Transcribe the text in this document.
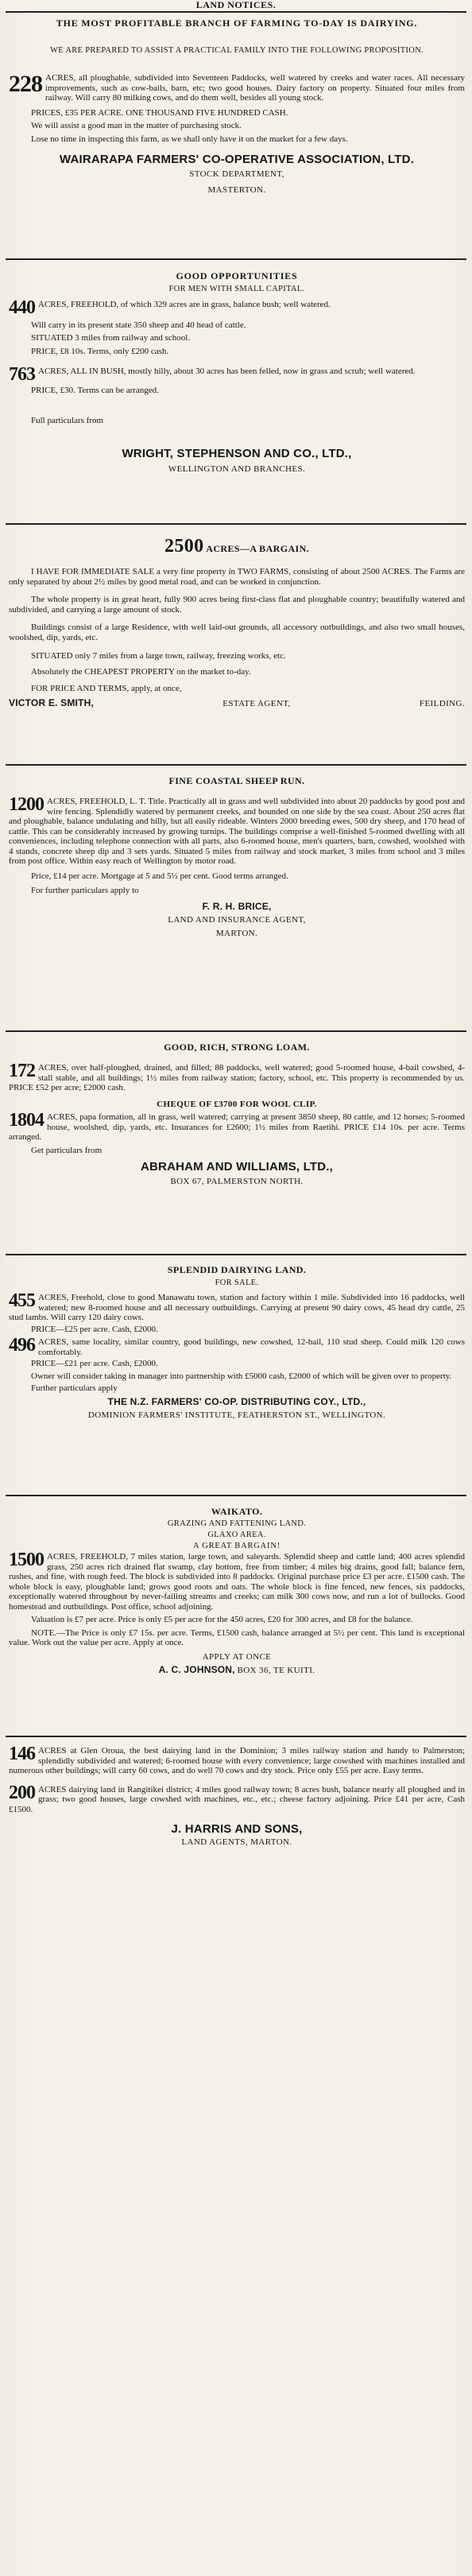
LAND NOTICES.
THE MOST PROFITABLE BRANCH OF FARMING TO-DAY IS DAIRYING.
WE ARE PREPARED TO ASSIST A PRACTICAL FAMILY INTO THE FOLLOWING PROPOSITION.
228 ACRES, all ploughable, subdivided into Seventeen Paddocks, well watered by creeks and water races. All necessary improvements, such as cow-bails, barn, etc; two good houses. Dairy factory on property. Situated four miles from railway. Will carry 80 milking cows, and do them well, besides all young stock.

PRICES, £35 PER ACRE. ONE THOUSAND FIVE HUNDRED CASH.

We will assist a good man in the matter of purchasing stock.

Lose no time in inspecting this farm, as we shall only have it on the market for a few days.

WAIRARAPA FARMERS' CO-OPERATIVE ASSOCIATION, LTD.

STOCK DEPARTMENT,
MASTERTON.
GOOD OPPORTUNITIES
FOR MEN WITH SMALL CAPITAL.
440 ACRES, FREEHOLD, of which 329 acres are in grass, balance bush; well watered.

Will carry in its present state 350 sheep and 40 head of cattle.

SITUATED 3 miles from railway and school.

PRICE, £8 10s. Terms, only £200 cash.

763 ACRES, ALL IN BUSH, mostly hilly, about 30 acres has been felled, now in grass and scrub; well watered.

PRICE, £30. Terms can be arranged.

Full particulars from

WRIGHT, STEPHENSON AND CO., LTD.,

WELLINGTON AND BRANCHES.
2500 ACRES—A BARGAIN.

I HAVE FOR IMMEDIATE SALE a very fine property in TWO FARMS, consisting of about 2500 ACRES. The Farms are only separated by about 2½ miles by good metal road, and can be worked in conjunction.

The whole property is in great heart, fully 900 acres being first-class flat and ploughable country; beautifully watered and subdivided, and carrying a large amount of stock.

Buildings consist of a large Residence, with well laid-out grounds, all accessory outbuildings, and also two small houses, woolshed, dip, yards, etc.

SITUATED only 7 miles from a large town, railway, freezing works, etc.

Absolutely the CHEAPEST PROPERTY on the market to-day.

FOR PRICE AND TERMS, apply, at once,

VICTOR E. SMITH,	ESTATE AGENT,	FEILDING.
FINE COASTAL SHEEP RUN.
1200 ACRES, FREEHOLD, L. T. Title. Practically all in grass and well subdivided into about 20 paddocks by good post and wire fencing. Splendidly watered by permanent creeks, and bounded on one side by the sea coast. About 250 acres flat and ploughable, balance undulating and hilly, but all easily rideable. Winters 2000 breeding ewes, 500 dry sheep, and 170 head of cattle. This can be considerably increased by growing turnips. The buildings comprise a well-finished 5-roomed dwelling with all conveniences, including telephone connection with all parts, also 6-roomed house, men's quarters, barn, cowshed, woolshed with 4 stands, concrete sheep dip and 3 sets yards. Situated 5 miles from railway and stock market, 3 miles from school and 3 miles from post office. Within easy reach of Wellington by motor road.

Price, £14 per acre. Mortgage at 5 and 5½ per cent. Good terms arranged.

For further particulars apply to

F. R. H. BRICE,

LAND AND INSURANCE AGENT,
MARTON.
GOOD, RICH, STRONG LOAM.
172 ACRES, over half-ploughed, drained, and filled; 88 paddocks, well watered; good 5-roomed house, 4-bail cowshed, 4-stall stable, and all buildings; 1½ miles from railway station; factory, school, etc. This property is recommended by us. PRICE £52 per acre; £2000 cash.

CHEQUE OF £3700 FOR WOOL CLIP.
1804 ACRES, papa formation, all in grass, well watered; carrying at present 3850 sheep, 80 cattle, and 12 horses; 5-roomed house, woolshed, dip, yards, etc. Insurances for £2600; 1½ miles from Raetihi. PRICE £14 10s. per acre. Terms arranged.

Get particulars from

ABRAHAM AND WILLIAMS, LTD.,

BOX 67, PALMERSTON NORTH.
SPLENDID DAIRYING LAND.
FOR SALE.
455 ACRES, Freehold, close to good Manawatu town, station and factory within 1 mile. Subdivided into 16 paddocks, well watered; new 8-roomed house and all necessary outbuildings. Carrying at present 90 dairy cows, 45 head dry cattle, 25 stud lambs. Will carry 120 dairy cows.

PRICE—£25 per acre. Cash, £2000.

496 ACRES, same locality, similar country, good buildings, new cowshed, 12-bail, 110 stud sheep. Could milk 120 cows comfortably.

PRICE—£21 per acre. Cash, £2000.

Owner will consider taking in manager into partnership with £5000 cash, £2000 of which will be given over to property.

Further particulars apply

THE N.Z. FARMERS' CO-OP. DISTRIBUTING COY., LTD.,

DOMINION FARMERS' INSTITUTE, FEATHERSTON ST., WELLINGTON.
WAIKATO.
GRAZING AND FATTENING LAND.
GLAXO AREA.
A GREAT BARGAIN!
1500 ACRES, FREEHOLD, 7 miles station, large town, and saleyards. Splendid sheep and cattle land; 400 acres splendid grass, 250 acres rich drained flat swamp, clay bottom, free from timber; 4 miles big drains, good fall; balance fern, rushes, and fine, with rough feed. The block is subdivided into 8 paddocks. Original purchase price £3 per acre. £1500 cash. The whole block is easy, ploughable land; grows good roots and oats. The whole block is fine fenced, new fences, six paddocks, exceptionally watered throughout by never-failing streams and creeks; can milk 300 cows now, and run a lot of bullocks. Good homestead and outbuildings. Post office, school adjoining.

Valuation is £7 per acre. Price is only £5 per acre for the 450 acres, £20 for 300 acres, and £8 for the balance.

NOTE.—The Price is only £7 15s. per acre. Terms, £1500 cash, balance arranged at 5½ per cent. This land is exceptional value. Work out the value per acre. Apply at once.

APPLY AT ONCE
A. C. JOHNSON, BOX 36, TE KUITI.
146 ACRES at Glen Oroua, the best dairying land in the Dominion; 3 miles railway station and handy to Palmerston; splendidly subdivided and watered; 6-roomed house with every convenience; large cowshed with machines installed and numerous other buildings; will carry 60 cows, and do well 70 cows and dry stock. Price only £55 per acre. Easy terms.

200 ACRES dairying land in Rangitikei district; 4 miles good railway town; 8 acres bush, balance nearly all ploughed and in grass; two good houses, large cowshed with machines, etc., etc.; cheese factory adjoining. Price £41 per acre, Cash £1500.

J. HARRIS AND SONS,

LAND AGENTS, MARTON.
